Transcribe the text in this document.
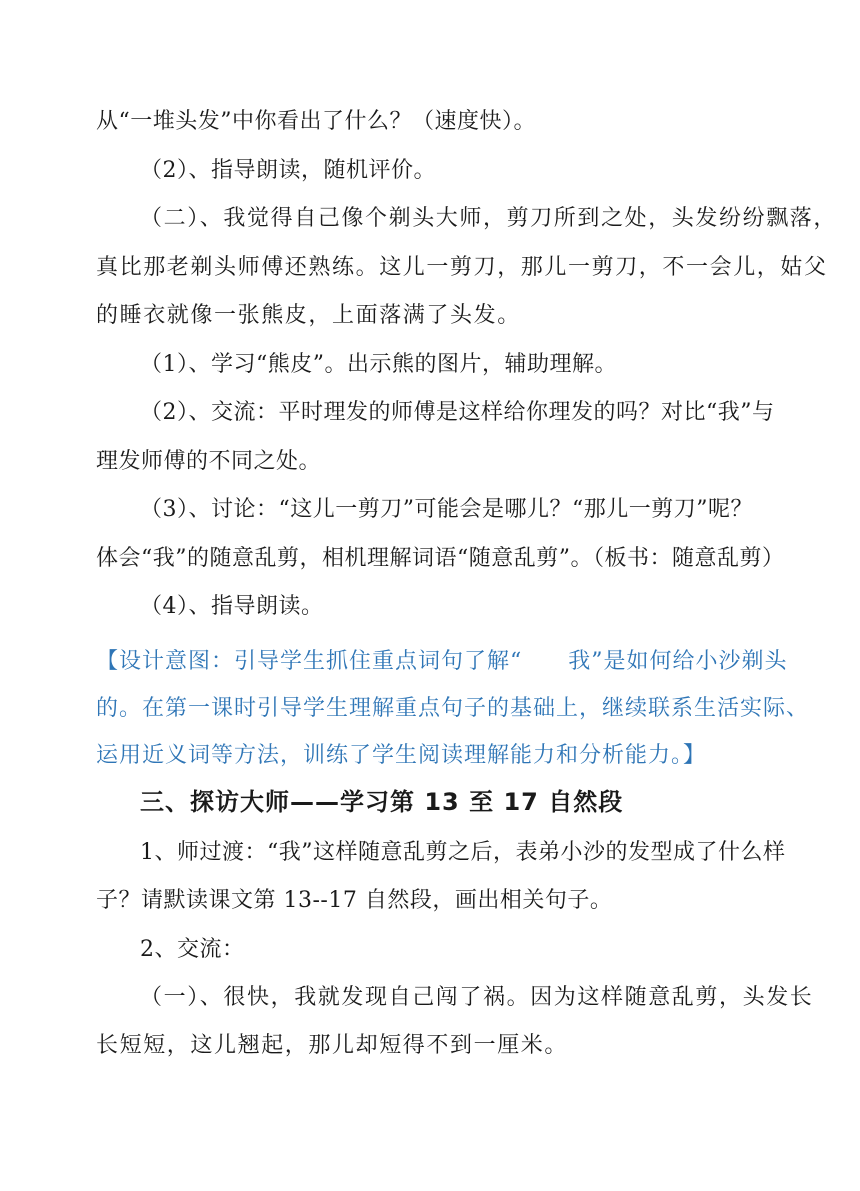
从“一堆头发”中你看出了什么？（速度快）。
（2）、指导朗读，随机评价。
（二）、我觉得自己像个剃头大师，剪刀所到之处，头发纷纷飘落，
真比那老剃头师傅还熟练。这儿一剪刀，那儿一剪刀，不一会儿，姑父
的睡衣就像一张熊皮，上面落满了头发。
（1）、学习“熊皮”。出示熊的图片，辅助理解。
（2）、交流：平时理发的师傅是这样给你理发的吗？对比“我”与
理发师傅的不同之处。
（3）、讨论：“这儿一剪刀”可能会是哪儿？“那儿一剪刀”呢？
体会“我”的随意乱剪，相机理解词语“随意乱剪”。（板书：随意乱剪）
（4）、指导朗读。
【设计意图：引导学生抓住重点词句了解“　　我”是如何给小沙剃头
的。在第一课时引导学生理解重点句子的基础上，继续联系生活实际、
运用近义词等方法，训练了学生阅读理解能力和分析能力。】
三、探访大师——学习第 13 至 17 自然段
1、师过渡：“我”这样随意乱剪之后，表弟小沙的发型成了什么样
子？请默读课文第 13--17 自然段，画出相关句子。
2、交流：
（一）、很快，我就发现自己闯了祸。因为这样随意乱剪，头发长
长短短，这儿翘起，那儿却短得不到一厘米。
